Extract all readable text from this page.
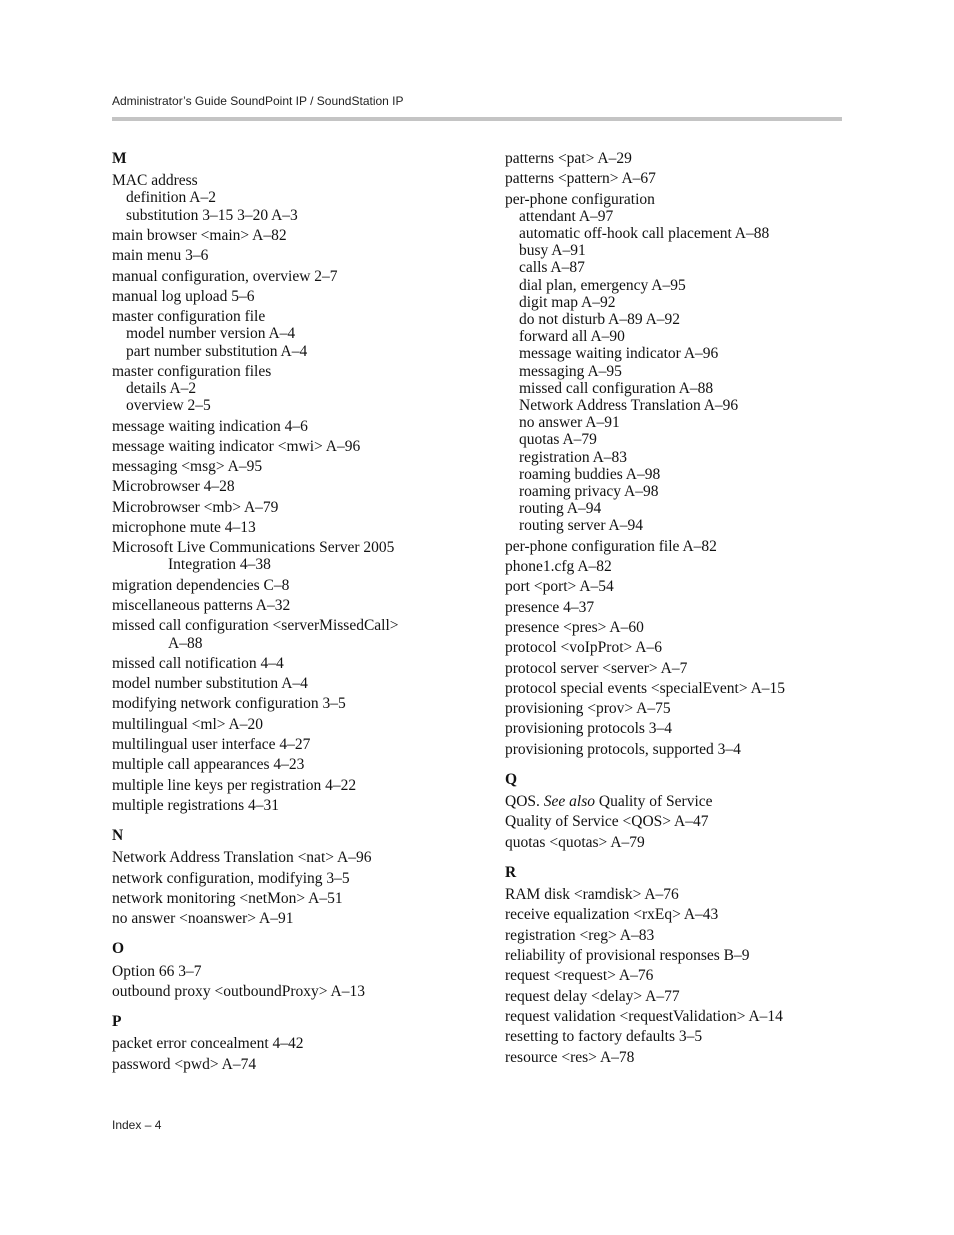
Administrator’s Guide SoundPoint IP / SoundStation IP
M
MAC address
definition A–2
substitution 3–15 3–20 A–3
main browser <main> A–82
main menu 3–6
manual configuration, overview 2–7
manual log upload 5–6
master configuration file
model number version A–4
part number substitution A–4
master configuration files
details A–2
overview 2–5
message waiting indication 4–6
message waiting indicator <mwi> A–96
messaging <msg> A–95
Microbrowser 4–28
Microbrowser <mb> A–79
microphone mute 4–13
Microsoft Live Communications Server 2005
Integration 4–38
migration dependencies C–8
miscellaneous patterns A–32
missed call configuration <serverMissedCall>
A–88
missed call notification 4–4
model number substitution A–4
modifying network configuration 3–5
multilingual <ml> A–20
multilingual user interface 4–27
multiple call appearances 4–23
multiple line keys per registration 4–22
multiple registrations 4–31
N
Network Address Translation <nat> A–96
network configuration, modifying 3–5
network monitoring <netMon> A–51
no answer <noanswer> A–91
O
Option 66 3–7
outbound proxy <outboundProxy> A–13
P
packet error concealment 4–42
password <pwd> A–74
patterns <pat> A–29
patterns <pattern> A–67
per-phone configuration
attendant A–97
automatic off-hook call placement A–88
busy A–91
calls A–87
dial plan, emergency A–95
digit map A–92
do not disturb A–89 A–92
forward all A–90
message waiting indicator A–96
messaging A–95
missed call configuration A–88
Network Address Translation A–96
no answer A–91
quotas A–79
registration A–83
roaming buddies A–98
roaming privacy A–98
routing A–94
routing server A–94
per-phone configuration file A–82
phone1.cfg A–82
port <port> A–54
presence 4–37
presence <pres> A–60
protocol <voIpProt> A–6
protocol server <server> A–7
protocol special events <specialEvent> A–15
provisioning <prov> A–75
provisioning protocols 3–4
provisioning protocols, supported 3–4
Q
QOS. See also Quality of Service
Quality of Service <QOS> A–47
quotas <quotas> A–79
R
RAM disk <ramdisk> A–76
receive equalization <rxEq> A–43
registration <reg> A–83
reliability of provisional responses B–9
request <request> A–76
request delay <delay> A–77
request validation <requestValidation> A–14
resetting to factory defaults 3–5
resource <res> A–78
Index – 4
